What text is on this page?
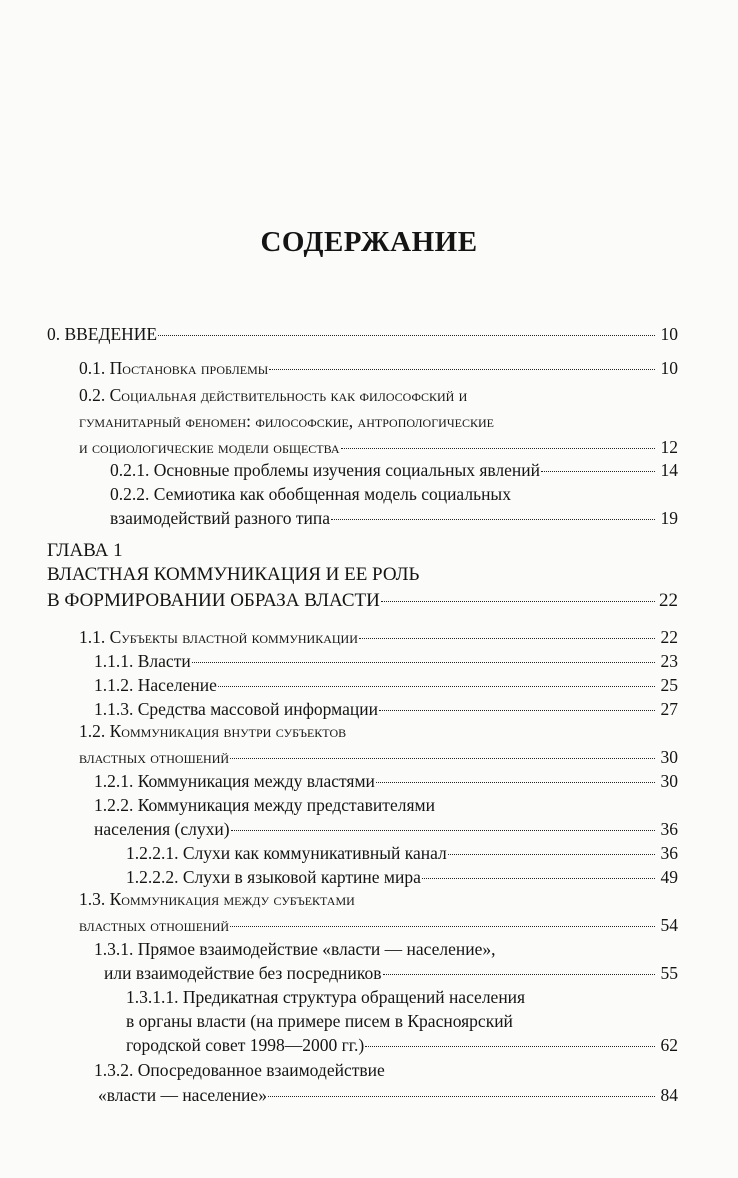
СОДЕРЖАНИЕ
0. ВВЕДЕНИЕ	10
0.1. Постановка проблемы	10
0.2. Социальная действительность как философский и
гуманитарный феномен: философские, антропологические
и социологические модели общества	12
0.2.1. Основные проблемы изучения социальных явлений	14
0.2.2. Семиотика как обобщенная модель социальных
взаимодействий разного типа	19
ГЛАВА 1
ВЛАСТНАЯ КОММУНИКАЦИЯ И ЕЕ РОЛЬ
В ФОРМИРОВАНИИ ОБРАЗА ВЛАСТИ	22
1.1. Субъекты властной коммуникации	22
1.1.1. Власти	23
1.1.2. Население	25
1.1.3. Средства массовой информации	27
1.2. Коммуникация внутри субъектов
властных отношений	30
1.2.1. Коммуникация между властями	30
1.2.2. Коммуникация между представителями
населения (слухи)	36
1.2.2.1. Слухи как коммуникативный канал	36
1.2.2.2. Слухи в языковой картине мира	49
1.3. Коммуникация между субъектами
властных отношений	54
1.3.1. Прямое взаимодействие «власти — население»,
или взаимодействие без посредников	55
1.3.1.1. Предикатная структура обращений населения
в органы власти (на примере писем в Красноярский
городской совет 1998—2000 гг.)	62
1.3.2. Опосредованное взаимодействие
«власти — население»	84
